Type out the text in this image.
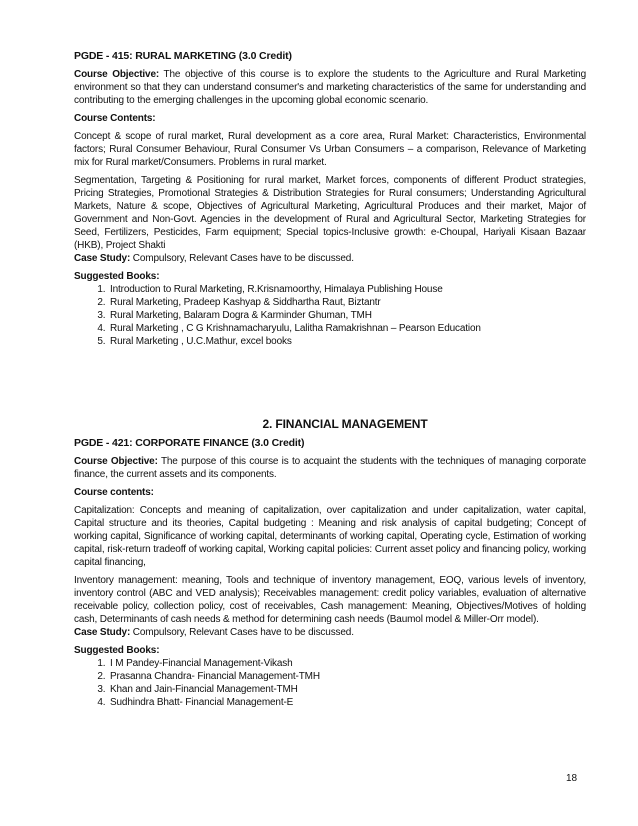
PGDE - 415: RURAL MARKETING (3.0 Credit)

Course Objective: The objective of this course is to explore the students to the Agriculture and Rural Marketing environment so that they can understand consumer's and marketing characteristics of the same for understanding and contributing to the emerging challenges in the upcoming global economic scenario.

Course Contents:

Concept & scope of rural market, Rural development as a core area, Rural Market: Characteristics, Environmental factors; Rural Consumer Behaviour, Rural Consumer Vs Urban Consumers – a comparison, Relevance of Marketing mix for Rural market/Consumers. Problems in rural market.

Segmentation, Targeting & Positioning for rural market, Market forces, components of different Product strategies, Pricing Strategies, Promotional Strategies & Distribution Strategies for Rural consumers; Understanding Agricultural Markets, Nature & scope, Objectives of Agricultural Marketing, Agricultural Produces and their market, Major of Government and Non-Govt. Agencies in the development of Rural and Agricultural Sector, Marketing Strategies for Seed, Fertilizers, Pesticides, Farm equipment; Special topics-Inclusive growth: e-Choupal, Hariyali Kisaan Bazaar (HKB), Project Shakti

Case Study: Compulsory, Relevant Cases have to be discussed.

Suggested Books:

1. Introduction to Rural Marketing, R.Krisnamoorthy, Himalaya Publishing House
2. Rural Marketing, Pradeep Kashyap & Siddhartha Raut, Biztantr
3. Rural Marketing, Balaram Dogra & Karminder Ghuman, TMH
4. Rural Marketing , C G Krishnamacharyulu, Lalitha Ramakrishnan – Pearson Education
5. Rural Marketing , U.C.Mathur, excel books
2. FINANCIAL MANAGEMENT
PGDE - 421: CORPORATE FINANCE (3.0 Credit)

Course Objective: The purpose of this course is to acquaint the students with the techniques of managing corporate finance, the current assets and its components.

Course contents:

Capitalization: Concepts and meaning of capitalization, over capitalization and under capitalization, water capital, Capital structure and its theories, Capital budgeting : Meaning and risk analysis of capital budgeting; Concept of working capital, Significance of working capital, determinants of working capital, Operating cycle, Estimation of working capital, risk-return tradeoff of working capital, Working capital policies: Current asset policy and financing policy, working capital financing,

Inventory management: meaning, Tools and technique of inventory management, EOQ, various levels of inventory, inventory control (ABC and VED analysis); Receivables management: credit policy variables, evaluation of alternative receivable policy, collection policy, cost of receivables, Cash management: Meaning, Objectives/Motives of holding cash, Determinants of cash needs & method for determining cash needs (Baumol model & Miller-Orr model).

Case Study: Compulsory, Relevant Cases have to be discussed.

Suggested Books:

1. I M Pandey-Financial Management-Vikash
2. Prasanna Chandra- Financial Management-TMH
3. Khan and Jain-Financial Management-TMH
4. Sudhindra Bhatt- Financial Management-E
18
